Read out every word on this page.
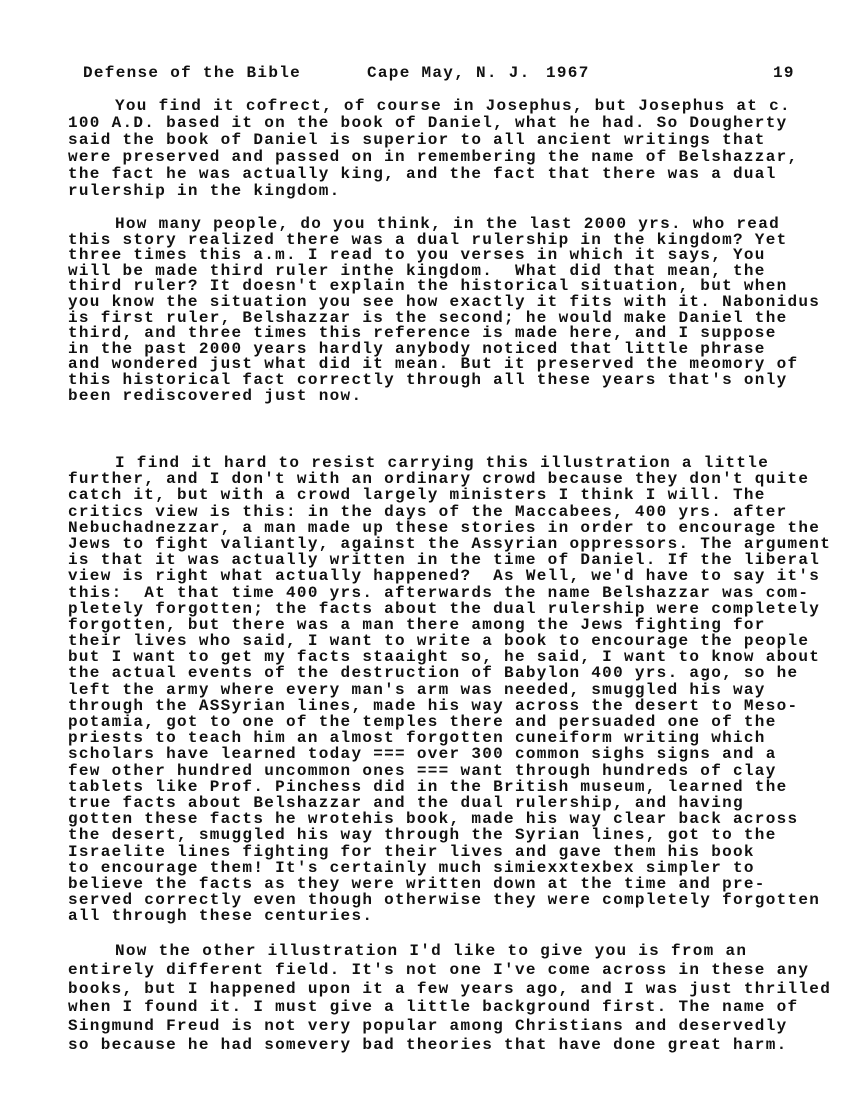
Defense of the Bible	Cape May, N. J. 1967	19
You find it cofrect, of course in Josephus, but Josephus at c.
100 A.D. based it on the book of Daniel, what he had. So Dougherty
said the book of Daniel is superior to all ancient writings that
were preserved and passed on in remembering the name of Belshazzar,
the fact he was actually king, and the fact that there was a dual
rulership in the kingdom.
How many people, do you think, in the last 2000 yrs. who read
this story realized there was a dual rulership in the kingdom? Yet
three times this a.m. I read to you verses in which it says, You
will be made third ruler inthe kingdom.  What did that mean, the
third ruler? It doesn't explain the historical situation, but when
you know the situation you see how exactly it fits with it. Nabonidus
is first ruler, Belshazzar is the second; he would make Daniel the
third, and three times this reference is made here, and I suppose
in the past 2000 years hardly anybody noticed that little phrase
and wondered just what did it mean. But it preserved the meomory of
this historical fact correctly through all these years that's only
been rediscovered just now.
I find it hard to resist carrying this illustration a little
further, and I don't with an ordinary crowd because they don't quite
catch it, but with a crowd largely ministers I think I will. The
critics view is this: in the days of the Maccabees, 400 yrs. after
Nebuchadnezzar, a man made up these stories in order to encourage the
Jews to fight valiantly, against the Assyrian oppressors. The argument
is that it was actually written in the time of Daniel. If the liberal
view is right what actually happened?  As Well, we'd have to say it's
this:  At that time 400 yrs. afterwards the name Belshazzar was com-
pletely forgotten; the facts about the dual rulership were completely
forgotten, but there was a man there among the Jews fighting for
their lives who said, I want to write a book to encourage the people
but I want to get my facts staaight so, he said, I want to know about
the actual events of the destruction of Babylon 400 yrs. ago, so he
left the army where every man's arm was needed, smuggled his way
through the ASSyrian lines, made his way across the desert to Meso-
potamia, got to one of the temples there and persuaded one of the
priests to teach him an almost forgotten cuneiform writing which
scholars have learned today === over 300 common sighs signs and a
few other hundred uncommon ones === want through hundreds of clay
tablets like Prof. Pinchess did in the British museum, learned the
true facts about Belshazzar and the dual rulership, and having
gotten these facts he wrotehis book, made his way clear back across
the desert, smuggled his way through the Syrian lines, got to the
Israelite lines fighting for their lives and gave them his book
to encourage them! It's certainly much simiexxtexbex simpler to
believe the facts as they were written down at the time and pre-
served correctly even though otherwise they were completely forgotten
all through these centuries.
Now the other illustration I'd like to give you is from an
entirely different field. It's not one I've come across in these any
books, but I happened upon it a few years ago, and I was just thrilled
when I found it. I must give a little background first. The name of
Singmund Freud is not very popular among Christians and deservedly
so because he had somevery bad theories that have done great harm.
